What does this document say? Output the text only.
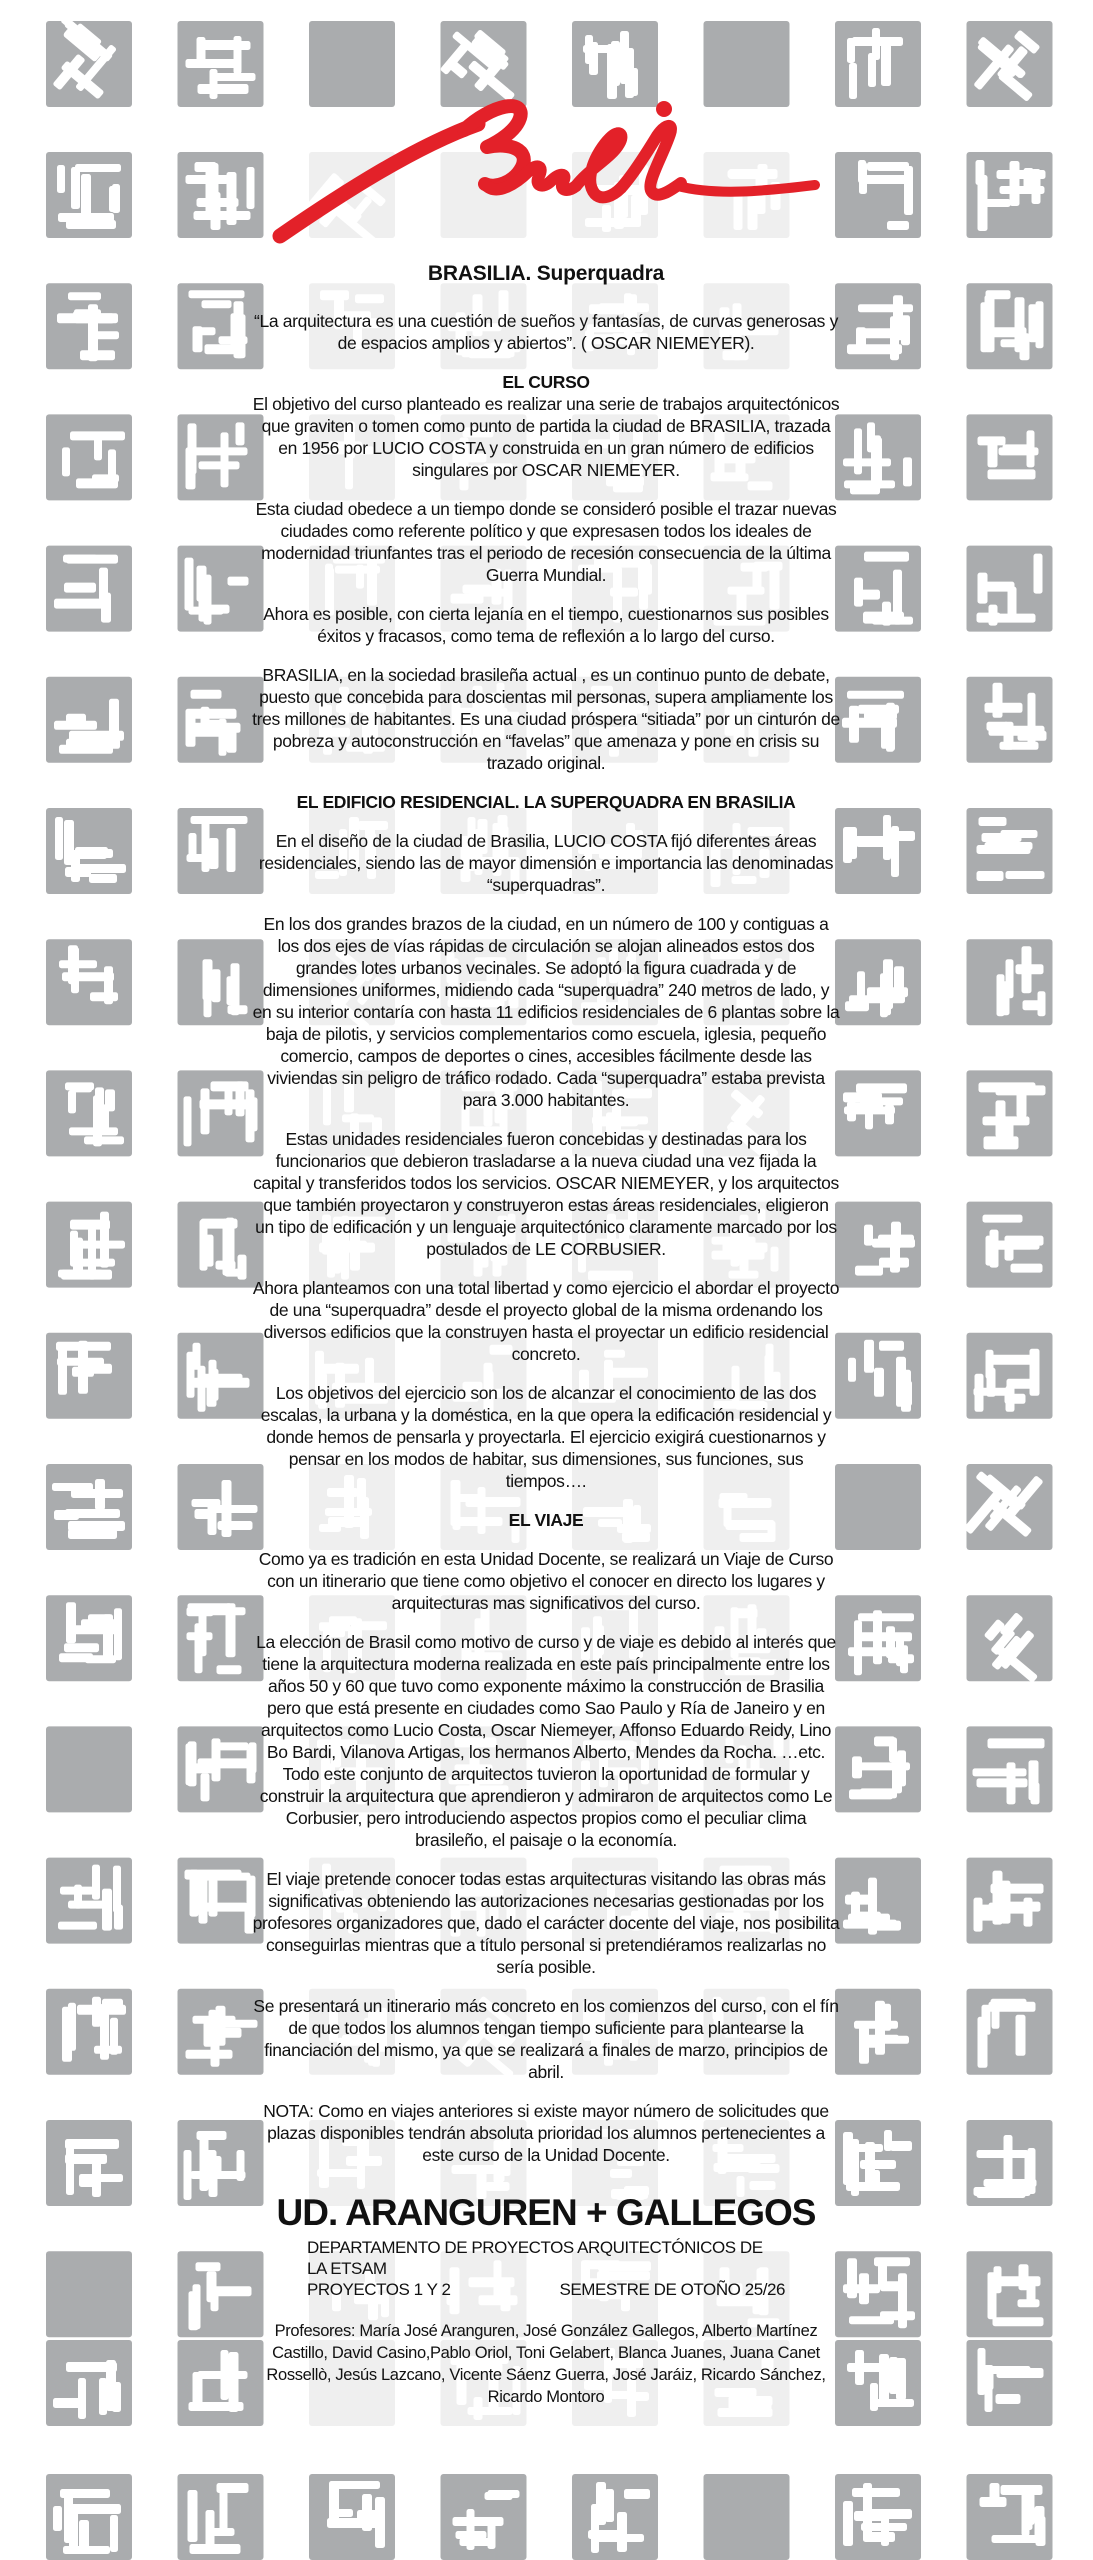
BRASILIA. Superquadra

“La arquitectura es una cuestión de sueños y fantasías, de curvas generosas y de espacios amplios y abiertos”. ( OSCAR NIEMEYER).

EL CURSO

El objetivo del curso planteado es realizar una serie de trabajos arquitectónicos que graviten o tomen como punto de partida la ciudad de BRASILIA, trazada en 1956 por LUCIO COSTA y construida en un gran número de edificios singulares por OSCAR NIEMEYER.

Esta ciudad obedece a un tiempo donde se consideró posible el trazar nuevas ciudades como referente político y que expresasen todos los ideales de modernidad triunfantes tras el periodo de recesión consecuencia de la última Guerra Mundial.

Ahora es posible, con cierta lejanía en el tiempo, cuestionarnos sus posibles éxitos y fracasos, como tema de reflexión a lo largo del curso.

BRASILIA, en la sociedad brasileña actual , es un continuo punto de debate, puesto que concebida para doscientas mil personas, supera ampliamente los tres millones de habitantes. Es una ciudad próspera “sitiada” por un cinturón de pobreza y autoconstrucción en “favelas” que amenaza y pone en crisis su trazado original.

EL EDIFICIO RESIDENCIAL. LA SUPERQUADRA EN BRASILIA

En el diseño de la ciudad de Brasilia, LUCIO COSTA fijó diferentes áreas residenciales, siendo las de mayor dimensión e importancia las denominadas “superquadras”.

En los dos grandes brazos de la ciudad, en un número de 100 y contiguas a los dos ejes de vías rápidas de circulación se alojan alineados estos dos grandes lotes urbanos vecinales. Se adoptó la figura cuadrada y de dimensiones uniformes, midiendo cada “superquadra” 240 metros de lado, y en su interior contaría con hasta 11 edificios residenciales de 6 plantas sobre la baja de pilotis, y servicios complementarios como escuela, iglesia, pequeño comercio, campos de deportes o cines, accesibles fácilmente desde las viviendas sin peligro de tráfico rodado. Cada “superquadra” estaba prevista para 3.000 habitantes.

Estas unidades residenciales fueron concebidas y destinadas para los funcionarios que debieron trasladarse a la nueva ciudad una vez fijada la capital y transferidos todos los servicios. OSCAR NIEMEYER, y los arquitectos que también proyectaron y construyeron estas áreas residenciales, eligieron un tipo de edificación y un lenguaje arquitectónico claramente marcado por los postulados de LE CORBUSIER.

Ahora planteamos con una total libertad y como ejercicio el abordar el proyecto de una “superquadra” desde el proyecto global de la misma ordenando los diversos edificios que la construyen hasta el proyectar un edificio residencial concreto.

Los objetivos del ejercicio son los de alcanzar el conocimiento de las dos escalas, la urbana y la doméstica, en la que opera la edificación residencial y donde hemos de pensarla y proyectarla. El ejercicio exigirá cuestionarnos y pensar en los modos de habitar, sus dimensiones, sus funciones, sus tiempos….

EL VIAJE

Como ya es tradición en esta Unidad Docente, se realizará un Viaje de Curso con un itinerario que tiene como objetivo el conocer en directo los lugares y arquitecturas mas significativos del curso.

La elección de Brasil como motivo de curso y de viaje es debido al interés que tiene la arquitectura moderna realizada en este país principalmente entre los años 50 y 60 que tuvo como exponente máximo la construcción de Brasilia pero que está presente en ciudades como Sao Paulo y Ría de Janeiro y en arquitectos como Lucio Costa, Oscar Niemeyer, Affonso Eduardo Reidy, Lino Bo Bardi, Vilanova Artigas, los hermanos Alberto, Mendes da Rocha. …etc. Todo este conjunto de arquitectos tuvieron la oportunidad de formular y construir la arquitectura que aprendieron y admiraron de arquitectos como Le Corbusier, pero introduciendo aspectos propios como el peculiar clima brasileño, el paisaje o la economía.

El viaje pretende conocer todas estas arquitecturas visitando las obras más significativas obteniendo las autorizaciones necesarias gestionadas por los profesores organizadores que, dado el carácter docente del viaje, nos posibilita conseguirlas mientras que a título personal si pretendiéramos realizarlas no sería posible.

Se presentará un itinerario más concreto en los comienzos del curso, con el fín de que todos los alumnos tengan tiempo suficiente para plantearse la financiación del mismo, ya que se realizará a finales de marzo, principios de abril.

NOTA: Como en viajes anteriores si existe mayor número de solicitudes que plazas disponibles tendrán absoluta prioridad los alumnos pertenecientes a este curso de la Unidad Docente.

UD. ARANGUREN + GALLEGOS
DEPARTAMENTO DE PROYECTOS ARQUITECTÓNICOS DE LA ETSAM
PROYECTOS 1 Y 2	SEMESTRE DE OTOÑO 25/26
Profesores: María José Aranguren, José González Gallegos, Alberto Martínez Castillo, David Casino,Pablo Oriol, Toni Gelabert, Blanca Juanes, Juana Canet Rossellò, Jesús Lazcano, Vicente Sáenz Guerra, José Jaráiz, Ricardo Sánchez, Ricardo Montoro
